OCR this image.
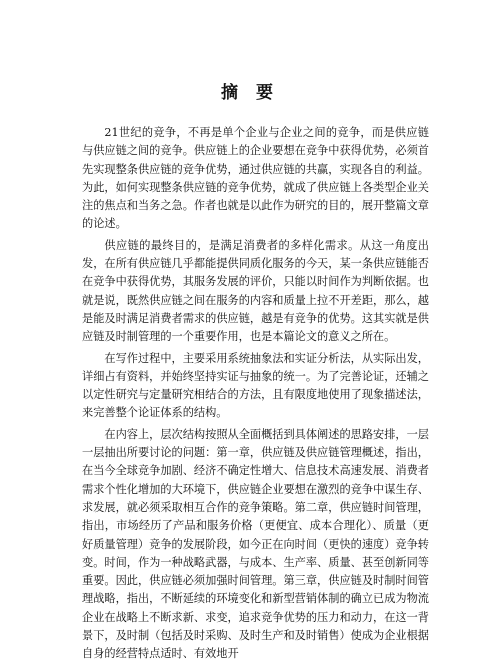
摘 要

21世纪的竞争，不再是单个企业与企业之间的竞争，而是供应链与供应链之间的竞争。供应链上的企业要想在竞争中获得优势，必须首先实现整条供应链的竞争优势，通过供应链的共赢，实现各自的利益。为此，如何实现整条供应链的竞争优势，就成了供应链上各类型企业关注的焦点和当务之急。作者也就是以此作为研究的目的，展开整篇文章的论述。

供应链的最终目的，是满足消费者的多样化需求。从这一角度出发，在所有供应链几乎都能提供同质化服务的今天，某一条供应链能否在竞争中获得优势，其服务发展的评价，只能以时间作为判断依据。也就是说，既然供应链之间在服务的内容和质量上拉不开差距，那么，越是能及时满足消费者需求的供应链，越是有竞争的优势。这其实就是供应链及时制管理的一个重要作用，也是本篇论文的意义之所在。

在写作过程中，主要采用系统抽象法和实证分析法，从实际出发，详细占有资料，并始终坚持实证与抽象的统一。为了完善论证，还辅之以定性研究与定量研究相结合的方法，且有限度地使用了现象描述法，来完善整个论证体系的结构。

在内容上，层次结构按照从全面概括到具体阐述的思路安排，一层一层抽出所要讨论的问题：第一章，供应链及供应链管理概述，指出，在当今全球竞争加剧、经济不确定性增大、信息技术高速发展、消费者需求个性化增加的大环境下，供应链企业要想在激烈的竞争中谋生存、求发展，就必须采取相互合作的竞争策略。第二章，供应链时间管理，指出，市场经历了产品和服务价格（更便宜、成本合理化）、质量（更好质量管理）竞争的发展阶段，如今正在向时间（更快的速度）竞争转变。时间，作为一种战略武器，与成本、生产率、质量、甚至创新同等重要。因此，供应链必须加强时间管理。第三章，供应链及时制时间管理战略，指出，不断延续的环境变化和新型营销体制的确立已成为物流企业在战略上不断求新、求变，追求竞争优势的压力和动力，在这一背景下，及时制（包括及时采购、及时生产和及时销售）使成为企业根据自身的经营特点适时、有效地开
